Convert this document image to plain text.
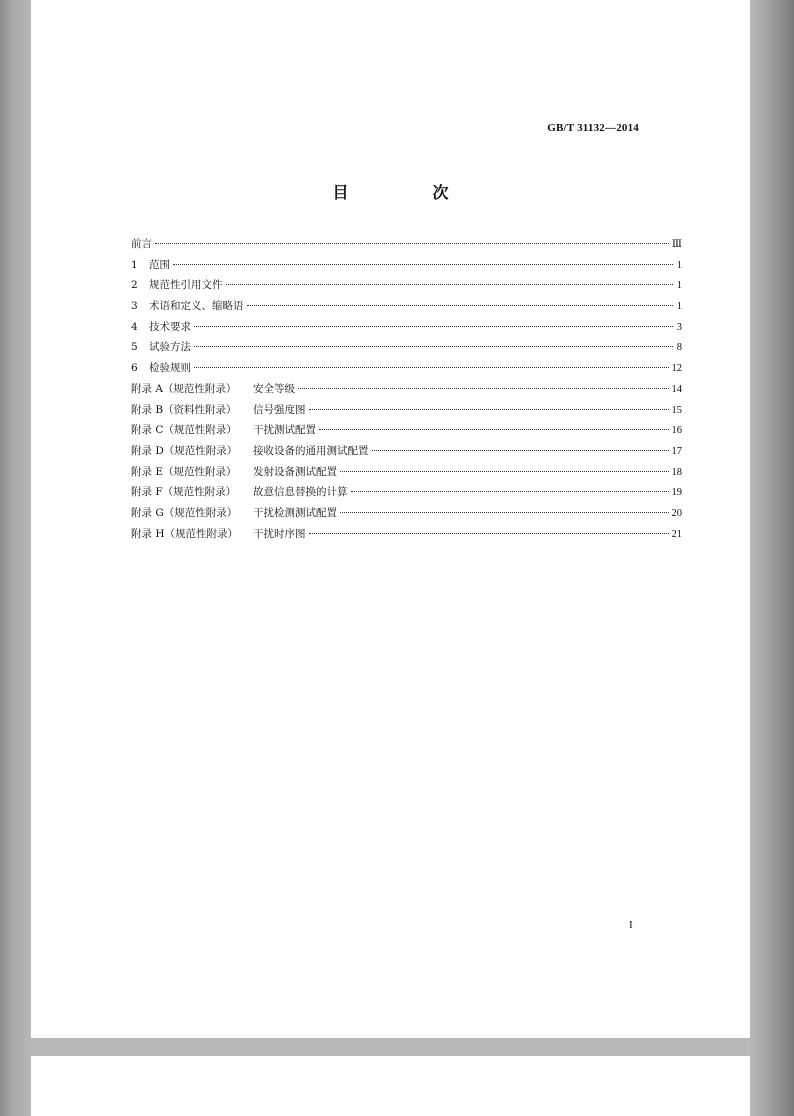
GB/T 31132—2014
目　次
前言	Ⅲ
1	范围	1
2	规范性引用文件	1
3	术语和定义、缩略语	1
4	技术要求	3
5	试验方法	8
6	检验规则	12
附录 A（规范性附录）	安全等级	14
附录 B（资料性附录）	信号强度图	15
附录 C（规范性附录）	干扰测试配置	16
附录 D（规范性附录）	接收设备的通用测试配置	17
附录 E（规范性附录）	发射设备测试配置	18
附录 F（规范性附录）	故意信息替换的计算	19
附录 G（规范性附录）	干扰检测测试配置	20
附录 H（规范性附录）	干扰时序图	21
I
